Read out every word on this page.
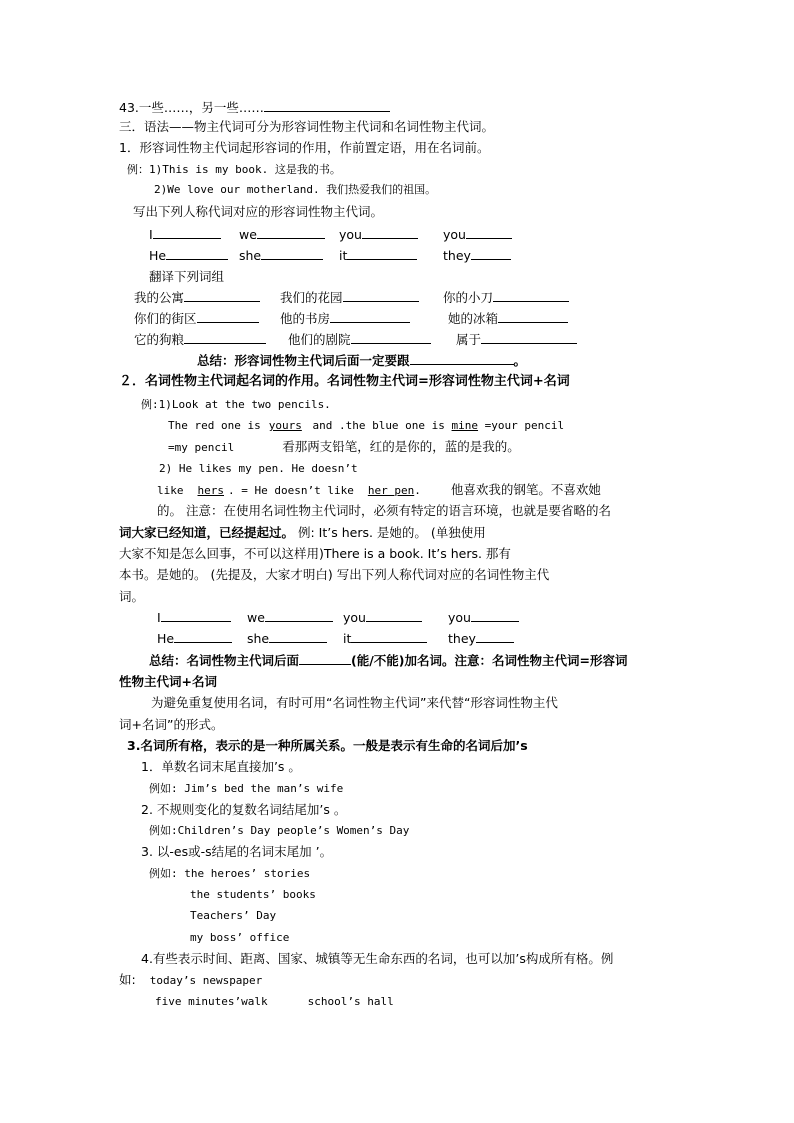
43.一些……，另一些……
三．语法——物主代词可分为形容词性物主代词和名词性物主代词。
1．形容词性物主代词起形容词的作用，作前置定语，用在名词前。
例：1)This is my book. 这是我的书。
2)We love our motherland. 我们热爱我们的祖国。
写出下列人称代词对应的形容词性物主代词。
I	we	you	you
He	she	it	they
翻译下列词组
我的公寓	我们的花园	你的小刀
你们的街区	他的书房	她的冰箱
它的狗粮	他们的剧院	属于
总结：形容词性物主代词后面一定要跟	。
２．名词性物主代词起名词的作用。名词性物主代词=形容词性物主代词+名词
例:1)Look at the two pencils.
The red one is yours and .the blue one is mine =your pencil
=my pencil	看那两支铅笔，红的是你的，蓝的是我的。
2) He likes my pen. He doesn’t
like hers . = He doesn’t like her pen. 他喜欢我的钢笔。不喜欢她
的。 注意：在使用名词性物主代词时，必须有特定的语言环境，也就是要省略的名
词大家已经知道，已经提起过。 例: It’s hers. 是她的。 (单独使用
大家不知是怎么回事，不可以这样用)There is a book. It’s hers. 那有
本书。是她的。 (先提及，大家才明白) 写出下列人称代词对应的名词性物主代
词。
I	we	you	you
He	she	it	they
总结：名词性物主代词后面	(能/不能)加名词。注意：名词性物主代词=形容词
性物主代词+名词
为避免重复使用名词，有时可用“名词性物主代词”来代替“形容词性物主代
词+名词”的形式。
3.名词所有格，表示的是一种所属关系。一般是表示有生命的名词后加’s
1．单数名词末尾直接加’s 。
例如: Jim’s bed the man’s wife
2. 不规则变化的复数名词结尾加’s 。
例如:Children’s Day people’s Women’s Day
3. 以-es或-s结尾的名词末尾加 ’。
例如: the heroes’ stories
the students’ books
Teachers’ Day
my boss’ office
4.有些表示时间、距离、国家、城镇等无生命东西的名词，也可以加’s构成所有格。例
如: today’s newspaper
five minutes’walk	school’s hall
